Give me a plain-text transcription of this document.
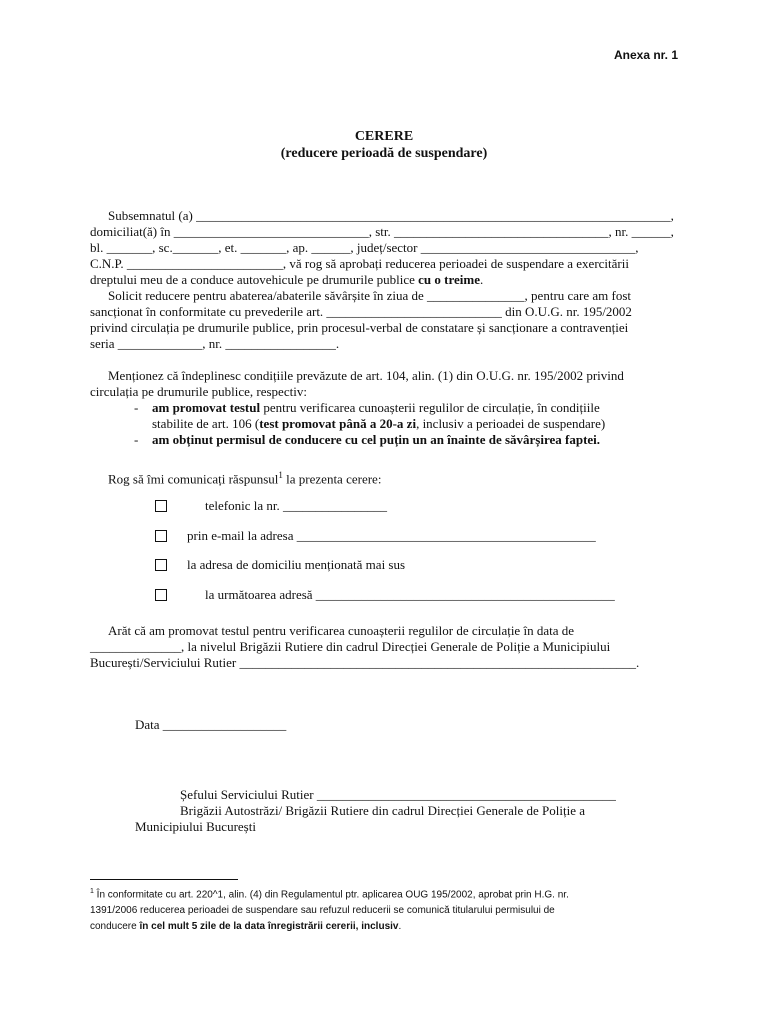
Anexa nr. 1
CERERE
(reducere perioadă de suspendare)
Subsemnatul (a) _________________________________________________________________________,
domiciliat(ă) în ______________________________, str. _________________________________, nr. ______,
bl. _______, sc._______, et. _______, ap. ______, județ/sector _________________________________,
C.N.P. ________________________, vă rog să aprobați reducerea perioadei de suspendare a exercitării
dreptului meu de a conduce autovehicule pe drumurile publice cu o treime.
Solicit reducere pentru abaterea/abaterile săvârșite în ziua de _______________, pentru care am fost
sancționat în conformitate cu prevederile art. ___________________________ din O.U.G. nr. 195/2002
privind circulația pe drumurile publice, prin procesul-verbal de constatare și sancționare a contravenției
seria _____________, nr. _________________.
Menționez că îndeplinesc condițiile prevăzute de art. 104, alin. (1) din O.U.G. nr. 195/2002 privind
circulația pe drumurile publice, respectiv:
- am promovat testul pentru verificarea cunoașterii regulilor de circulație, în condițiile
stabilite de art. 106 (test promovat până a 20-a zi, inclusiv a perioadei de suspendare)
- am obținut permisul de conducere cu cel puțin un an înainte de săvârșirea faptei.
Rog să îmi comunicați răspunsul$^1$ la prezenta cerere:
telefonic la nr. ________________
prin e-mail la adresa ______________________________________________
la adresa de domiciliu menționată mai sus
la următoarea adresă ______________________________________________
Arăt că am promovat testul pentru verificarea cunoașterii regulilor de circulație în data de
______________, la nivelul Brigăzii Rutiere din cadrul Direcției Generale de Poliție a Municipiului
București/Serviciului Rutier _____________________________________________________________.
Data ___________________
Șefului Serviciului Rutier ______________________________________________
Brigăzii Autostrăzi/ Brigăzii Rutiere din cadrul Direcției Generale de Poliție a
Municipiului București
$^1$ În conformitate cu art. 220^1, alin. (4) din Regulamentul ptr. aplicarea OUG 195/2002, aprobat prin H.G. nr.
1391/2006 reducerea perioadei de suspendare sau refuzul reducerii se comunică titularului permisului de
conducere în cel mult 5 zile de la data înregistrării cererii, inclusiv.
